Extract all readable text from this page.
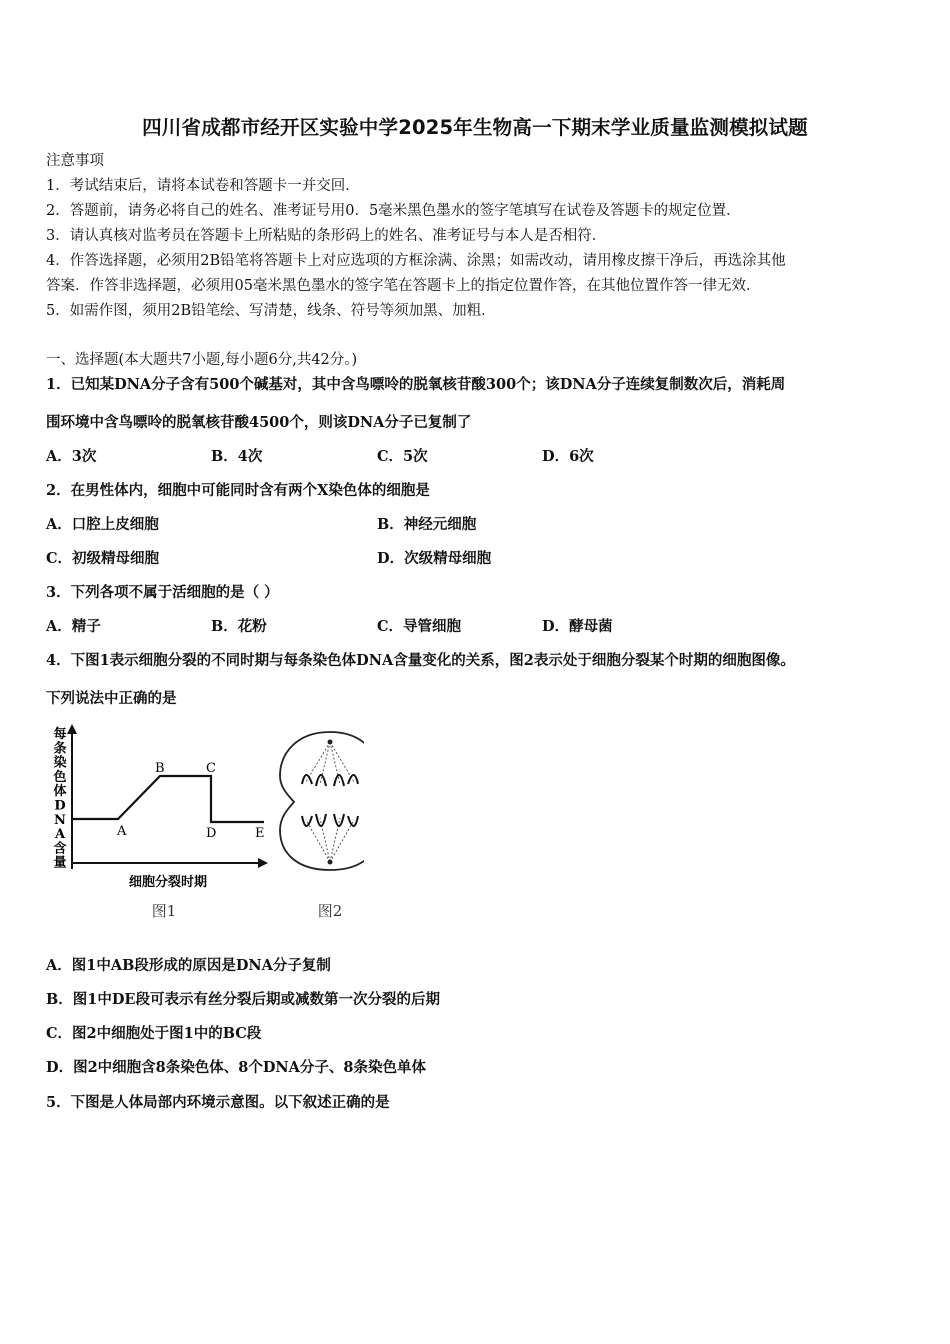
四川省成都市经开区实验中学2025年生物高一下期末学业质量监测模拟试题
注意事项
1．考试结束后，请将本试卷和答题卡一并交回．
2．答题前，请务必将自己的姓名、准考证号用0．5毫米黑色墨水的签字笔填写在试卷及答题卡的规定位置．
3．请认真核对监考员在答题卡上所粘贴的条形码上的姓名、准考证号与本人是否相符．
4．作答选择题，必须用2B铅笔将答题卡上对应选项的方框涂满、涂黑；如需改动，请用橡皮擦干净后，再选涂其他
答案．作答非选择题，必须用05毫米黑色墨水的签字笔在答题卡上的指定位置作答，在其他位置作答一律无效．
5．如需作图，须用2B铅笔绘、写清楚，线条、符号等须加黑、加粗．
一、选择题(本大题共7小题,每小题6分,共42分。)
1．已知某DNA分子含有500个碱基对，其中含鸟嘌呤的脱氧核苷酸300个；该DNA分子连续复制数次后，消耗周
围环境中含鸟嘌呤的脱氧核苷酸4500个，则该DNA分子已复制了
A．3次	B．4次	C．5次	D．6次
2．在男性体内，细胞中可能同时含有两个X染色体的细胞是
A．口腔上皮细胞	B．神经元细胞
C．初级精母细胞	D．次级精母细胞
3．下列各项不属于活细胞的是（ ）
A．精子	B．花粉	C．导管细胞	D．酵母菌
4．下图1表示细胞分裂的不同时期与每条染色体DNA含量变化的关系，图2表示处于细胞分裂某个时期的细胞图像。
下列说法中正确的是
每条染色体 D N A 含量
A
B	C
D	E
细胞分裂时期
图1	图2
A．图1中AB段形成的原因是DNA分子复制
B．图1中DE段可表示有丝分裂后期或减数第一次分裂的后期
C．图2中细胞处于图1中的BC段
D．图2中细胞含8条染色体、8个DNA分子、8条染色单体
5．下图是人体局部内环境示意图。以下叙述正确的是
